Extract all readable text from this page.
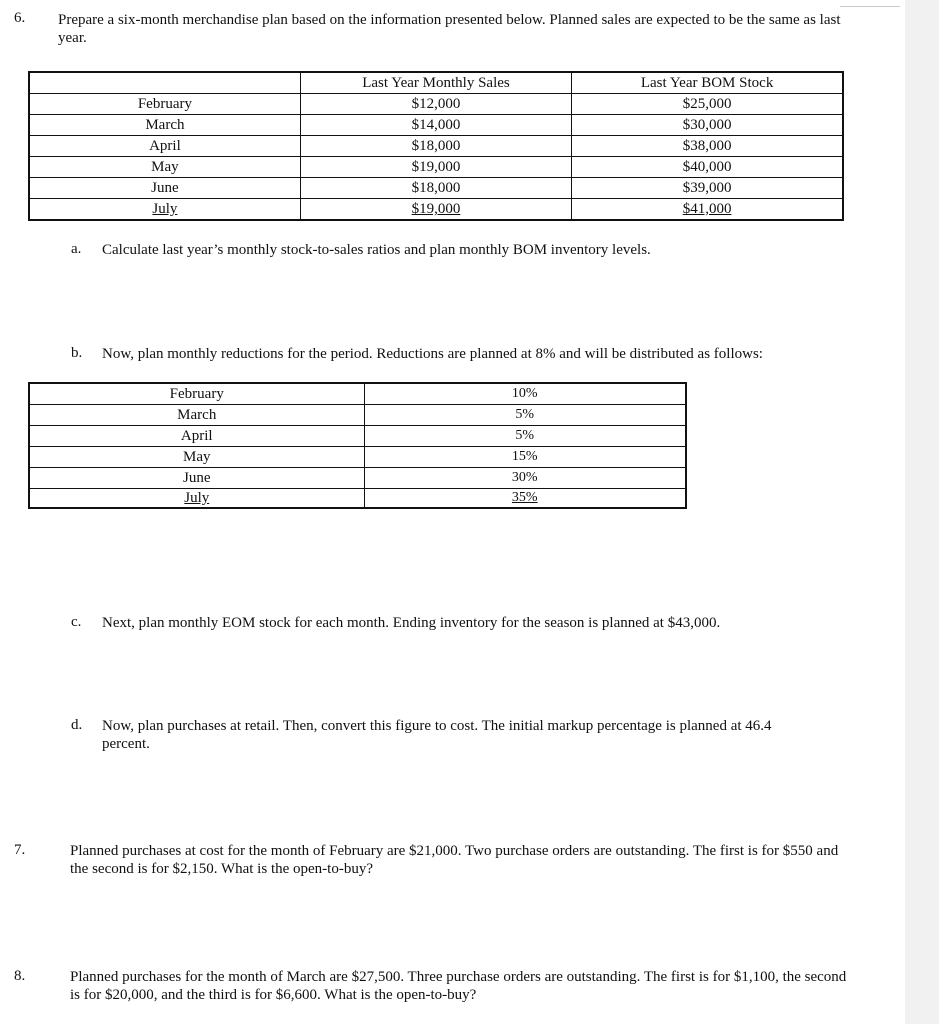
6. Prepare a six-month merchandise plan based on the information presented below. Planned sales are expected to be the same as last year.
	Last Year Monthly Sales	Last Year BOM Stock
February	$12,000	$25,000
March	$14,000	$30,000
April	$18,000	$38,000
May	$19,000	$40,000
June	$18,000	$39,000
July	$19,000	$41,000
a. Calculate last year’s monthly stock-to-sales ratios and plan monthly BOM inventory levels.
b. Now, plan monthly reductions for the period. Reductions are planned at 8% and will be distributed as follows:
February	10%
March	5%
April	5%
May	15%
June	30%
July	35%
c. Next, plan monthly EOM stock for each month. Ending inventory for the season is planned at $43,000.
d. Now, plan purchases at retail. Then, convert this figure to cost. The initial markup percentage is planned at 46.4 percent.
7.	Planned purchases at cost for the month of February are $21,000. Two purchase orders are outstanding. The first is for $550 and the second is for $2,150. What is the open-to-buy?
8.	Planned purchases for the month of March are $27,500. Three purchase orders are outstanding. The first is for $1,100, the second is for $20,000, and the third is for $6,600. What is the open-to-buy?
